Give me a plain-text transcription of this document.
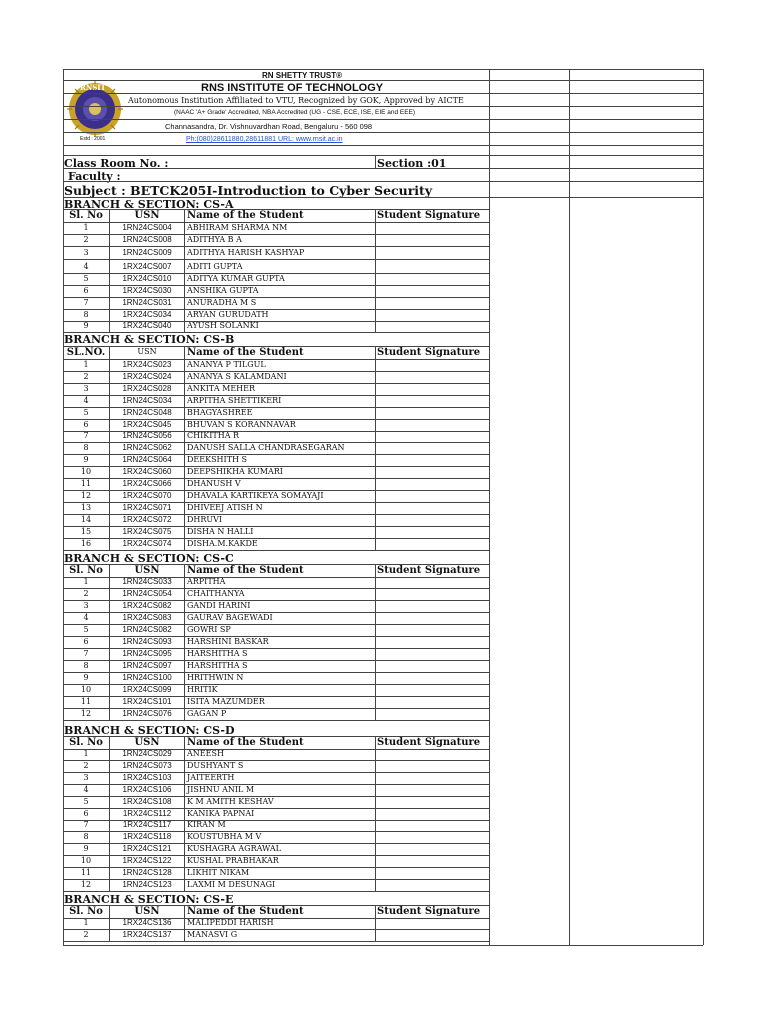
RN SHETTY TRUST®
RNS INSTITUTE OF TECHNOLOGY
Autonomous Institution Affiliated to VTU, Recognized by GOK, Approved by AICTE
(NAAC 'A+ Grade' Accredited, NBA Accredited (UG - CSE, ECE, ISE, EIE and EEE)
Channasandra, Dr. Vishnuvardhan Road, Bengaluru - 560 098
Ph:(080)28611880,28611881 URL: www.rnsit.ac.in
RNSIT
Estd : 2001
Class Room No. :	Section :01
Faculty :
Subject : BETCK205I-Introduction to Cyber Security
BRANCH & SECTION: CS-A
Sl. No	USN	Name of the Student	Student Signature
1	1RN24CS004	ABHIRAM SHARMA NM
2	1RN24CS008	ADITHYA B A
3	1RN24CS009	ADITHYA HARISH KASHYAP
4	1RX24CS007	ADITI GUPTA
5	1RX24CS010	ADITYA KUMAR GUPTA
6	1RX24CS030	ANSHIKA GUPTA
7	1RN24CS031	ANURADHA M S
8	1RX24CS034	ARYAN GURUDATH
9	1RX24CS040	AYUSH SOLANKI
BRANCH & SECTION: CS-B
SL.NO.	USN	Name of the Student	Student Signature
1	1RX24CS023	ANANYA P TILGUL
2	1RX24CS024	ANANYA S KALAMDANI
3	1RX24CS028	ANKITA MEHER
4	1RN24CS034	ARPITHA SHETTIKERI
5	1RN24CS048	BHAGYASHREE
6	1RX24CS045	BHUVAN S KORANNAVAR
7	1RN24CS056	CHIKITHA R
8	1RN24CS062	DANUSH SALLA CHANDRASEGARAN
9	1RN24CS064	DEEKSHITH S
10	1RX24CS060	DEEPSHIKHA KUMARI
11	1RX24CS066	DHANUSH V
12	1RX24CS070	DHAVALA KARTIKEYA SOMAYAJI
13	1RX24CS071	DHIVEEJ ATISH N
14	1RX24CS072	DHRUVI
15	1RX24CS075	DISHA N HALLI
16	1RX24CS074	DISHA.M.KAKDE
BRANCH & SECTION: CS-C
Sl. No	USN	Name of the Student	Student Signature
1	1RN24CS033	ARPITHA
2	1RN24CS054	CHAITHANYA
3	1RX24CS082	GANDI HARINI
4	1RX24CS083	GAURAV BAGEWADI
5	1RN24CS082	GOWRI SP
6	1RN24CS093	HARSHINI BASKAR
7	1RN24CS095	HARSHITHA S
8	1RN24CS097	HARSHITHA S
9	1RN24CS100	HRITHWIN N
10	1RX24CS099	HRITIK
11	1RX24CS101	ISITA MAZUMDER
12	1RN24CS076	GAGAN P
BRANCH & SECTION: CS-D
Sl. No	USN	Name of the Student	Student Signature
1	1RN24CS029	ANEESH
2	1RN24CS073	DUSHYANT S
3	1RX24CS103	JAITEERTH
4	1RX24CS106	JISHNU ANIL M
5	1RX24CS108	K M AMITH KESHAV
6	1RX24CS112	KANIKA PAPNAI
7	1RX24CS117	KIRAN M
8	1RX24CS118	KOUSTUBHA M V
9	1RX24CS121	KUSHAGRA AGRAWAL
10	1RX24CS122	KUSHAL PRABHAKAR
11	1RN24CS128	LIKHIT NIKAM
12	1RN24CS123	LAXMI M DESUNAGI
BRANCH & SECTION: CS-E
Sl. No	USN	Name of the Student	Student Signature
1	1RX24CS136	MALIPEDDI HARISH
2	1RX24CS137	MANASVI G
